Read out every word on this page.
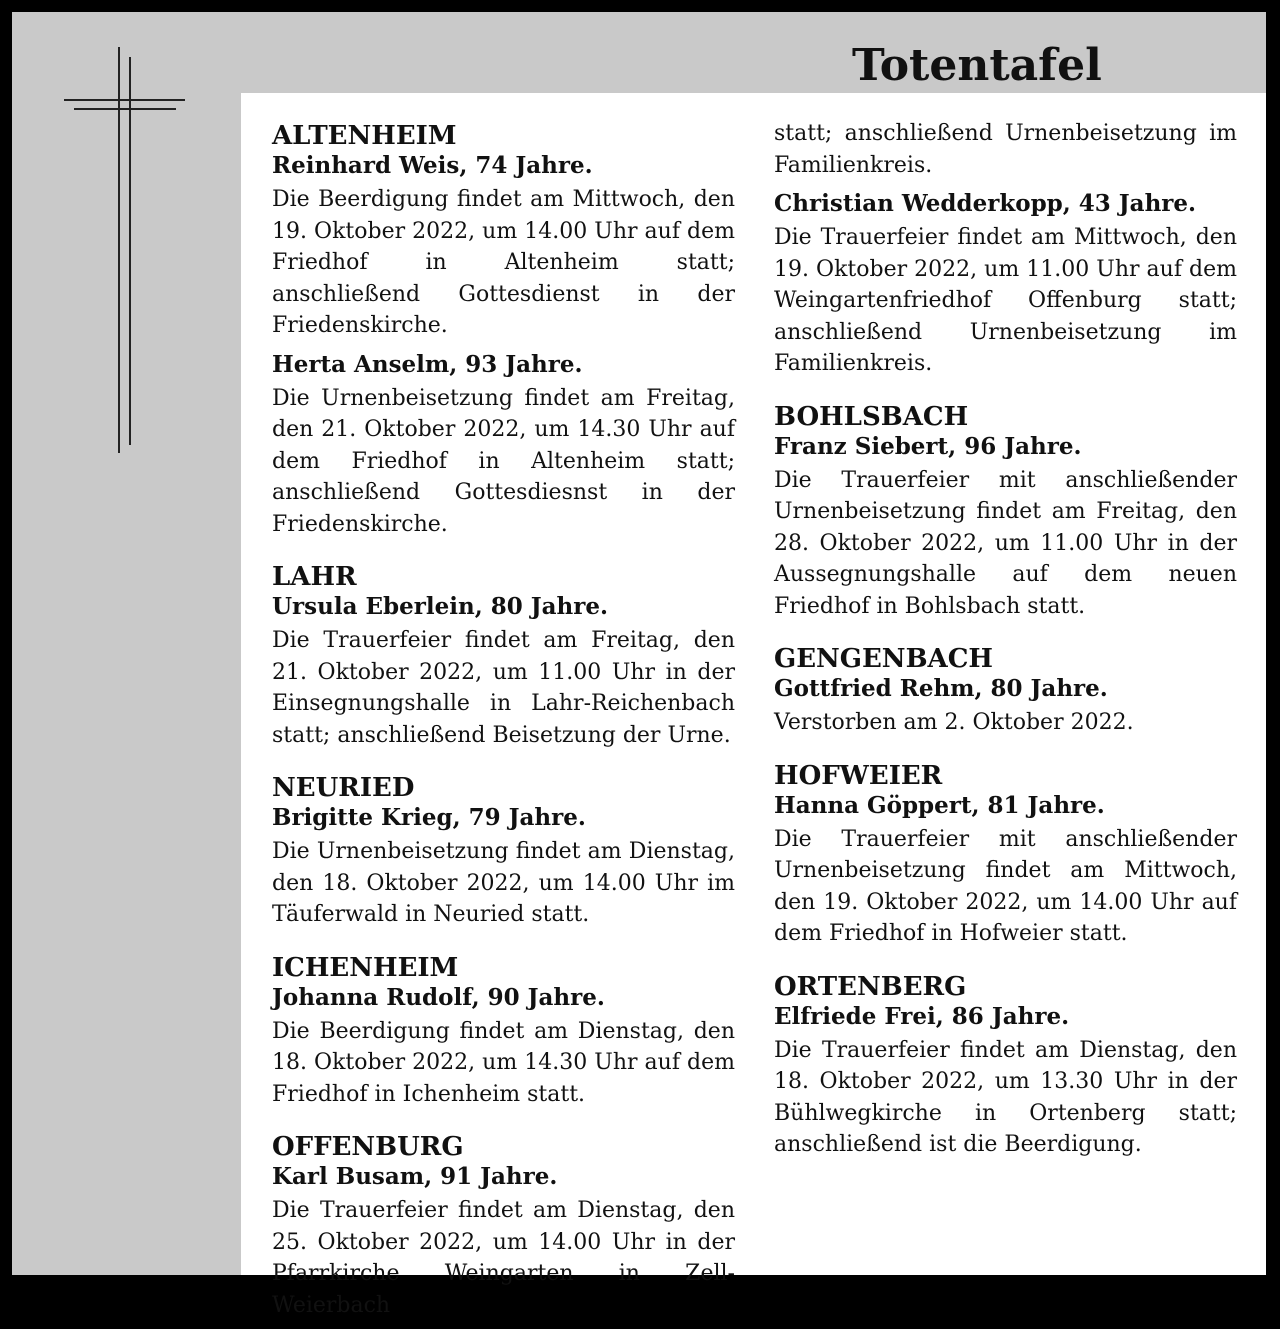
Totentafel

ALTENHEIM

Reinhard Weis, 74 Jahre.

Die Beerdigung findet am Mittwoch, den 19. Oktober 2022, um 14.00 Uhr auf dem Friedhof in Altenheim statt; anschließend Gottesdienst in der Friedenskirche.

Herta Anselm, 93 Jahre.

Die Urnenbeisetzung findet am Freitag, den 21. Oktober 2022, um 14.30 Uhr auf dem Friedhof in Altenheim statt; anschließend Gottesdiesnst in der Friedenskirche.

LAHR

Ursula Eberlein, 80 Jahre.

Die Trauerfeier findet am Freitag, den 21. Oktober 2022, um 11.00 Uhr in der Einsegnungshalle in Lahr-Reichenbach statt; anschließend Beisetzung der Urne.

NEURIED

Brigitte Krieg, 79 Jahre.

Die Urnenbeisetzung findet am Dienstag, den 18. Oktober 2022, um 14.00 Uhr im Täuferwald in Neuried statt.

ICHENHEIM

Johanna Rudolf, 90 Jahre.

Die Beerdigung findet am Dienstag, den 18. Oktober 2022, um 14.30 Uhr auf dem Friedhof in Ichenheim statt.

OFFENBURG

Karl Busam, 91 Jahre.

Die Trauerfeier findet am Dienstag, den 25. Oktober 2022, um 14.00 Uhr in der Pfarrkirche Weingarten in Zell-Weierbach

statt; anschließend Urnenbeisetzung im Familienkreis.

Christian Wedderkopp, 43 Jahre.

Die Trauerfeier findet am Mittwoch, den 19. Oktober 2022, um 11.00 Uhr auf dem Weingartenfriedhof Offenburg statt; anschließend Urnenbeisetzung im Familienkreis.

BOHLSBACH

Franz Siebert, 96 Jahre.

Die Trauerfeier mit anschließender Urnenbeisetzung findet am Freitag, den 28. Oktober 2022, um 11.00 Uhr in der Aussegnungshalle auf dem neuen Friedhof in Bohlsbach statt.

GENGENBACH

Gottfried Rehm, 80 Jahre.

Verstorben am 2. Oktober 2022.

HOFWEIER

Hanna Göppert, 81 Jahre.

Die Trauerfeier mit anschließender Urnenbeisetzung findet am Mittwoch, den 19. Oktober 2022, um 14.00 Uhr auf dem Friedhof in Hofweier statt.

ORTENBERG

Elfriede Frei, 86 Jahre.

Die Trauerfeier findet am Dienstag, den 18. Oktober 2022, um 13.30 Uhr in der Bühlwegkirche in Ortenberg statt; anschließend ist die Beerdigung.
